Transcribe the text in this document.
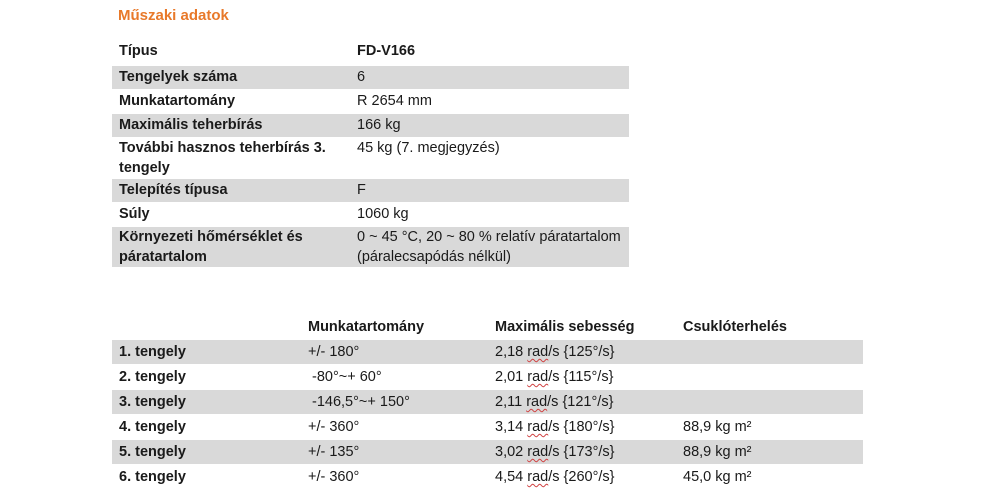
Műszaki adatok
Típus	FD-V166
Tengelyek száma	6
Munkatartomány	R 2654 mm
Maximális teherbírás	166 kg
További hasznos teherbírás 3. tengely	45 kg (7. megjegyzés)
Telepítés típusa	F
Súly	1060 kg
Környezeti hőmérséklet és páratartalom	0 ~ 45 °C, 20 ~ 80 % relatív páratartalom (páralecsapódás nélkül)
	Munkatartomány	Maximális sebesség	Csuklóterhelés
1. tengely	+/- 180°	2,18 rad/s {125°/s}	
2. tengely	-80°~+ 60°	2,01 rad/s {115°/s}	
3. tengely	-146,5°~+ 150°	2,11 rad/s {121°/s}	
4. tengely	+/- 360°	3,14 rad/s {180°/s}	88,9 kg m²
5. tengely	+/- 135°	3,02 rad/s {173°/s}	88,9 kg m²
6. tengely	+/- 360°	4,54 rad/s {260°/s}	45,0 kg m²
